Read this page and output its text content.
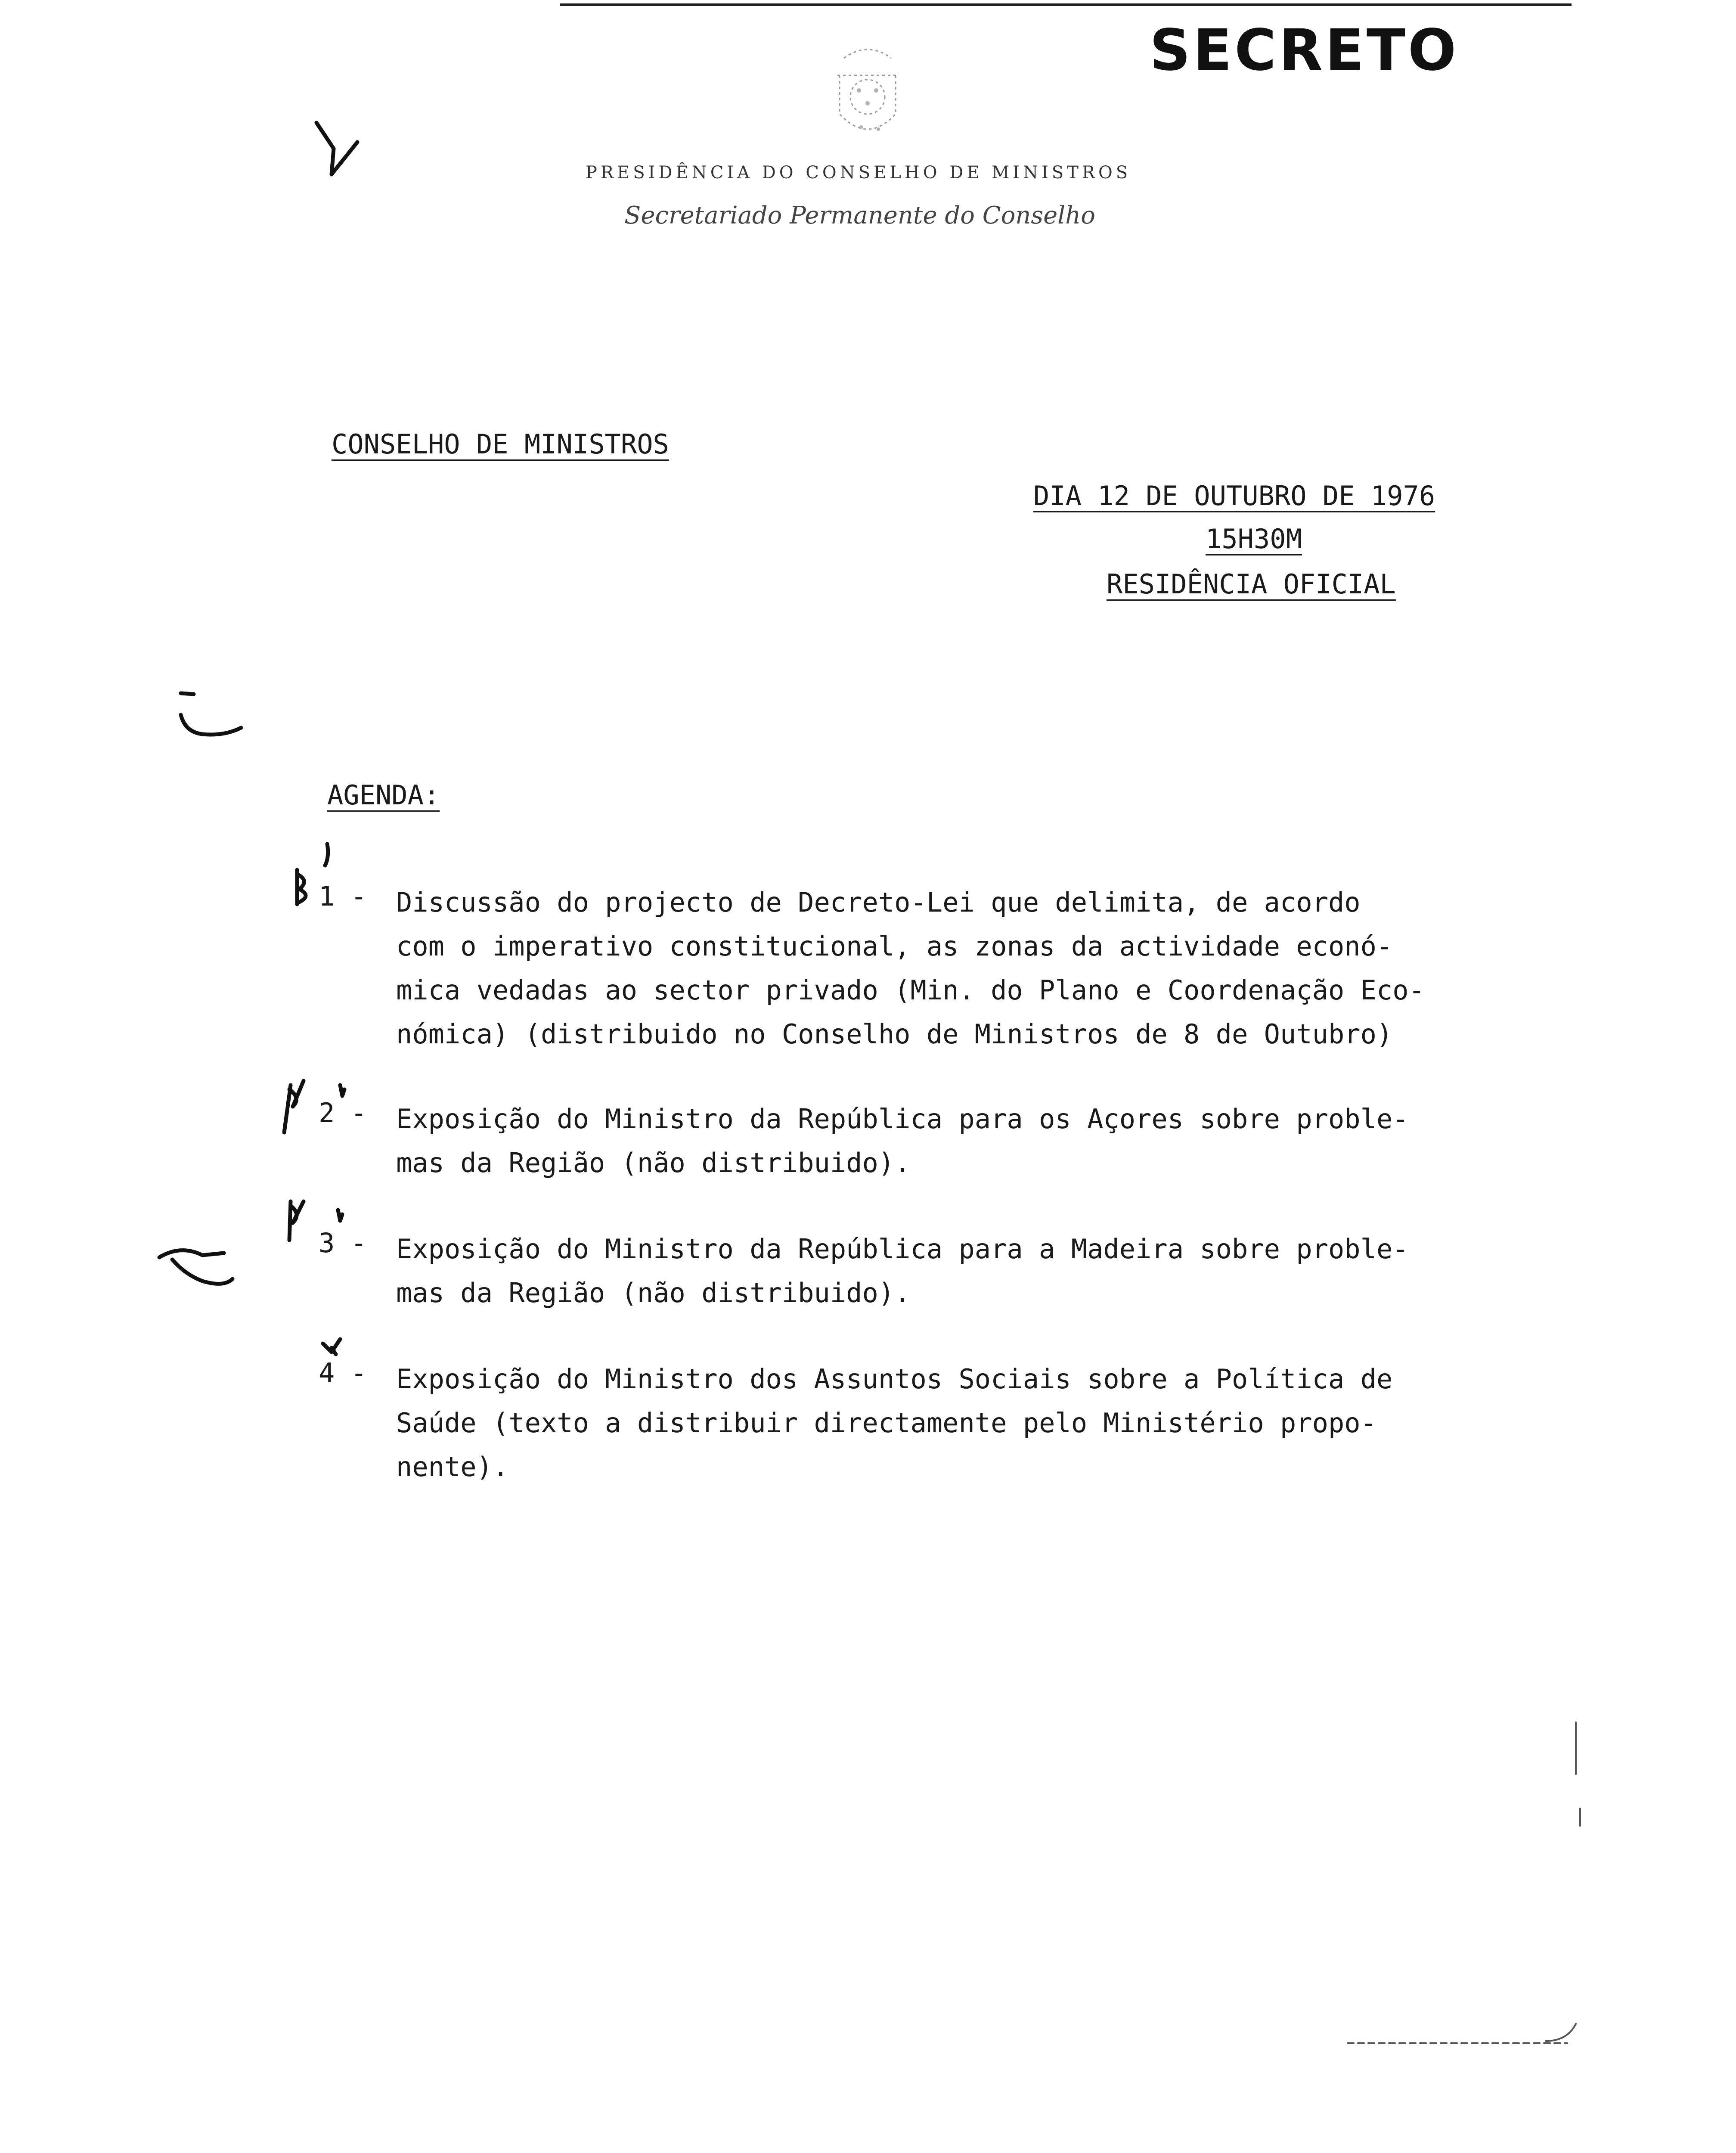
SECRETO
PRESIDÊNCIA DO CONSELHO DE MINISTROS
Secretariado Permanente do Conselho
CONSELHO DE MINISTROS
DIA 12 DE OUTUBRO DE 1976
15H30M
RESIDÊNCIA OFICIAL
AGENDA:
1 - Discussão do projecto de Decreto-Lei que delimita, de acordo
com o imperativo constitucional, as zonas da actividade econó-
mica vedadas ao sector privado (Min. do Plano e Coordenação Eco-
nómica) (distribuido no Conselho de Ministros de 8 de Outubro)
2 - Exposição do Ministro da República para os Açores sobre proble-
mas da Região (não distribuido).
3 - Exposição do Ministro da República para a Madeira sobre proble-
mas da Região (não distribuido).
4 - Exposição do Ministro dos Assuntos Sociais sobre a Política de
Saúde (texto a distribuir directamente pelo Ministério propo-
nente).
